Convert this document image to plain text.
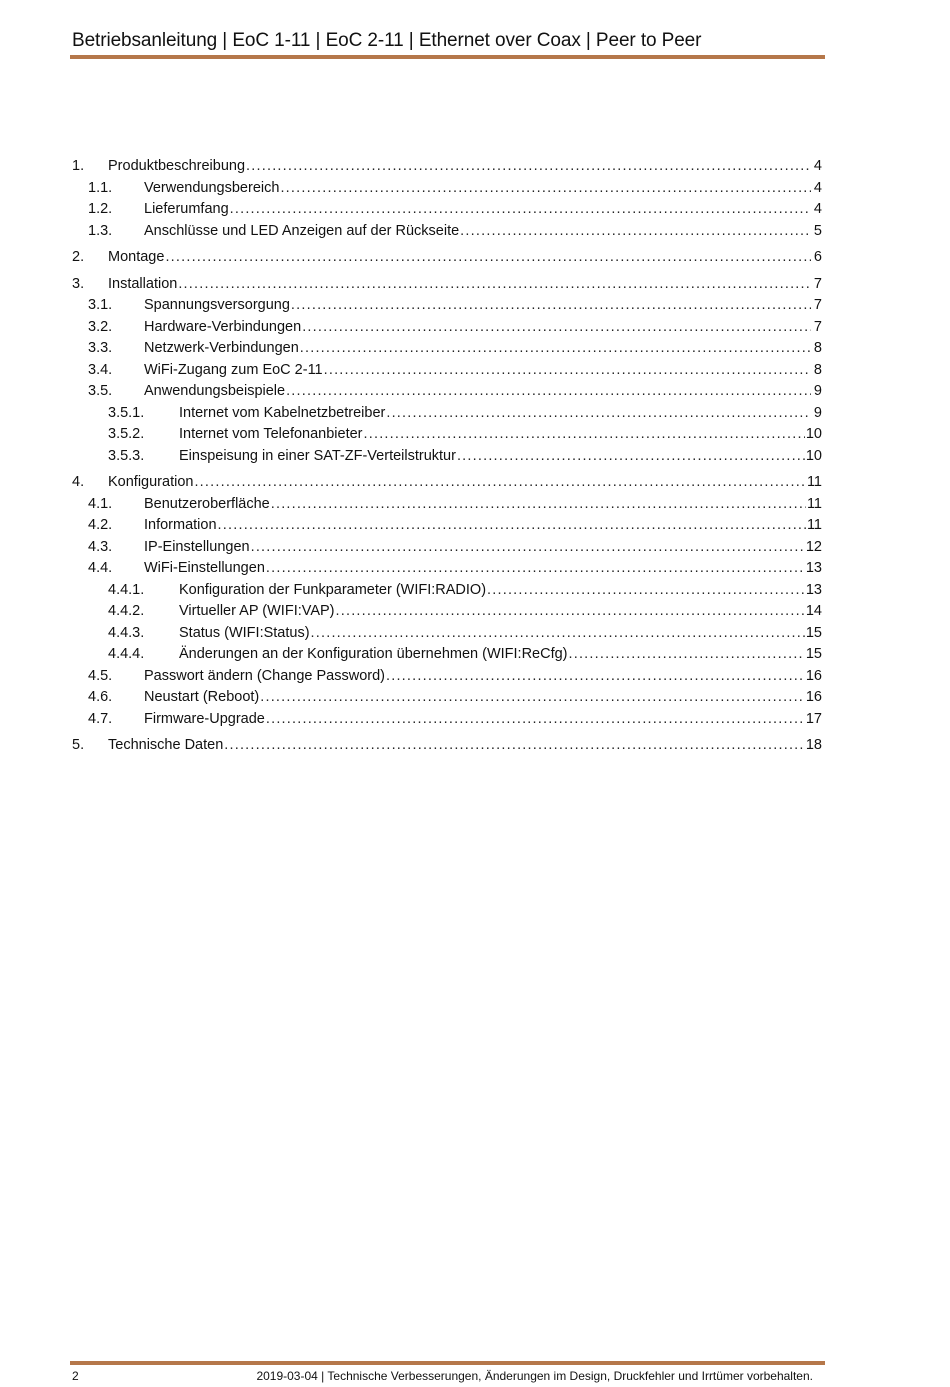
Betriebsanleitung | EoC 1-11 | EoC 2-11 | Ethernet over Coax | Peer to Peer
1.	Produktbeschreibung .....	4
1.1.	Verwendungsbereich .....	4
1.2.	Lieferumfang .....	4
1.3.	Anschlüsse und LED Anzeigen auf der Rückseite .....	5
2.	Montage .....	6
3.	Installation .....	7
3.1.	Spannungsversorgung .....	7
3.2.	Hardware-Verbindungen .....	7
3.3.	Netzwerk-Verbindungen .....	8
3.4.	WiFi-Zugang zum EoC 2-11 .....	8
3.5.	Anwendungsbeispiele .....	9
3.5.1.	Internet vom Kabelnetzbetreiber .....	9
3.5.2.	Internet vom Telefonanbieter .....	10
3.5.3.	Einspeisung in einer SAT-ZF-Verteilstruktur .....	10
4.	Konfiguration .....	11
4.1.	Benutzeroberfläche .....	11
4.2.	Information .....	11
4.3.	IP-Einstellungen .....	12
4.4.	WiFi-Einstellungen .....	13
4.4.1.	Konfiguration der Funkparameter (WIFI:RADIO) .....	13
4.4.2.	Virtueller AP (WIFI:VAP) .....	14
4.4.3.	Status (WIFI:Status) .....	15
4.4.4.	Änderungen an der Konfiguration übernehmen (WIFI:ReCfg) .....	15
4.5.	Passwort ändern (Change Password) .....	16
4.6.	Neustart (Reboot) .....	16
4.7.	Firmware-Upgrade .....	17
5.	Technische Daten .....	18
2	2019-03-04 | Technische Verbesserungen, Änderungen im Design, Druckfehler und Irrtümer vorbehalten.
